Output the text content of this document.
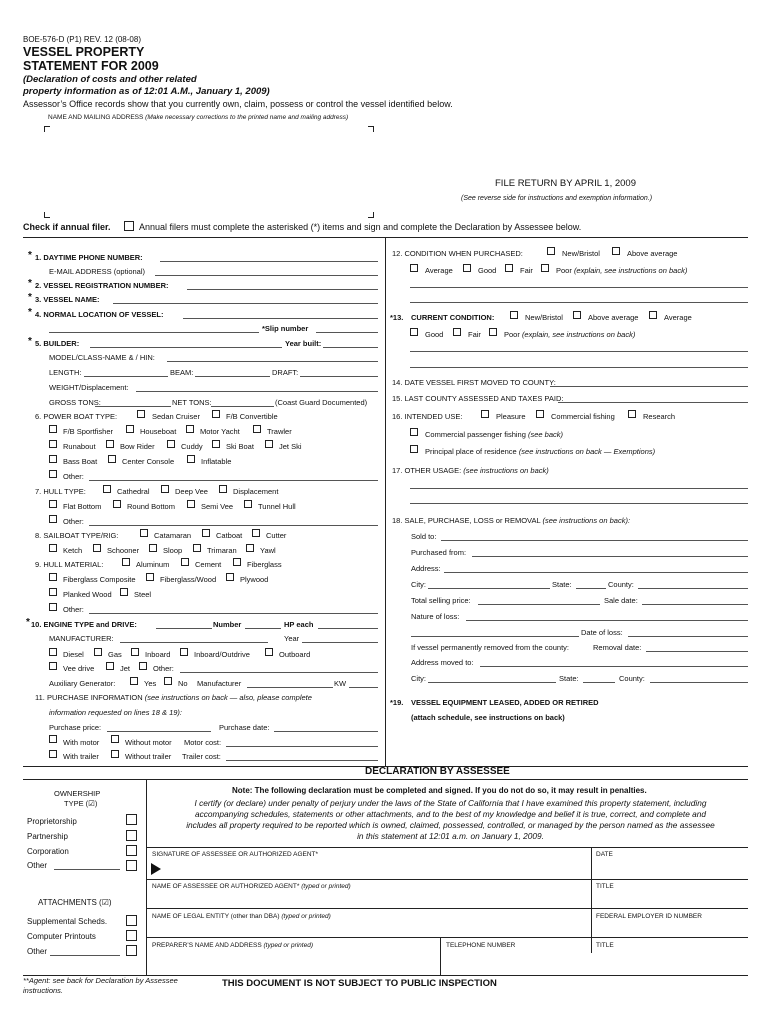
BOE-576-D (P1) REV. 12 (08-08)
VESSEL PROPERTY
STATEMENT FOR 2009
(Declaration of costs and other related
property information as of 12:01 A.M., January 1, 2009)
Assessor’s Office records show that you currently own, claim, possess or control the vessel identified below.
NAME AND MAILING ADDRESS (Make necessary corrections to the printed name and mailing address)
FILE RETURN BY APRIL 1, 2009
(See reverse side for instructions and exemption information.)
Check if annual filer.	Annual filers must complete the asterisked (*) items and sign and complete the Declaration by Assessee below.
* 1. DAYTIME PHONE NUMBER:
E-MAIL ADDRESS (optional)
* 2. VESSEL REGISTRATION NUMBER:
* 3. VESSEL NAME:
* 4. NORMAL LOCATION OF VESSEL:
*Slip number
* 5. BUILDER:	Year built:
MODEL/CLASS-NAME & / HIN:
LENGTH:	BEAM:	DRAFT:
WEIGHT/Displacement:
GROSS TONS:	NET TONS:	(Coast Guard Documented)
6. POWER BOAT TYPE:	Sedan Cruiser	F/B Convertible
F/B Sportfisher	Houseboat	Motor Yacht	Trawler
Runabout	Bow Rider	Cuddy	Ski Boat	Jet Ski
Bass Boat	Center Console	Inflatable
Other:
7. HULL TYPE:	Cathedral	Deep Vee	Displacement
Flat Bottom	Round Bottom	Semi Vee	Tunnel Hull
Other:
8. SAILBOAT TYPE/RIG:	Catamaran	Catboat	Cutter
Ketch	Schooner	Sloop	Trimaran	Yawl
9. HULL MATERIAL:	Aluminum	Cement	Fiberglass
Fiberglass Composite	Fiberglass/Wood	Plywood
Planked Wood	Steel
Other:
* 10. ENGINE TYPE and DRIVE:	Number	HP each
MANUFACTURER:	Year
Diesel	Gas	Inboard	Inboard/Outdrive	Outboard
Vee drive	Jet	Other:
Auxiliary Generator:	Yes	No Manufacturer	KW
11. PURCHASE INFORMATION (see instructions on back — also, please complete
information requested on lines 18 & 19):
Purchase price:	Purchase date:
With motor	Without motor Motor cost:
With trailer	Without trailer Trailer cost:
12. CONDITION WHEN PURCHASED:	New/Bristol	Above average
Average	Good	Fair	Poor (explain, see instructions on back)
*13. CURRENT CONDITION:	New/Bristol	Above average	Average
Good	Fair	Poor (explain, see instructions on back)
14. DATE VESSEL FIRST MOVED TO COUNTY:
15. LAST COUNTY ASSESSED AND TAXES PAID:
16. INTENDED USE:	Pleasure	Commercial fishing	Research
Commercial passenger fishing (see back)
Principal place of residence (see instructions on back — Exemptions)
17. OTHER USAGE: (see instructions on back)
18. SALE, PURCHASE, LOSS or REMOVAL (see instructions on back):
Sold to:
Purchased from:
Address:
City:	State:	County:
Total selling price:	Sale date:
Nature of loss:
Date of loss:
If vessel permanently removed from the county:	Removal date:
Address moved to:
City:	State:	County:
*19. VESSEL EQUIPMENT LEASED, ADDED OR RETIRED
(attach schedule, see instructions on back)
DECLARATION BY ASSESSEE
OWNERSHIP
TYPE (☑)
Proprietorship
Partnership
Corporation
Other
ATTACHMENTS (☑)
Supplemental Scheds.
Computer Printouts
Other
Note: The following declaration must be completed and signed. If you do not do so, it may result in penalties.
I certify (or declare) under penalty of perjury under the laws of the State of California that I have examined this property statement, including
accompanying schedules, statements or other attachments, and to the best of my knowledge and belief it is true, correct, and complete and
includes all property required to be reported which is owned, claimed, possessed, controlled, or managed by the person named as the assessee
in this statement at 12:01 a.m. on January 1, 2009.
SIGNATURE OF ASSESSEE OR AUTHORIZED AGENT*	DATE
NAME OF ASSESSEE OR AUTHORIZED AGENT* (typed or printed)	TITLE
NAME OF LEGAL ENTITY (other than DBA) (typed or printed)	FEDERAL EMPLOYER ID NUMBER
PREPARER’S NAME AND ADDRESS (typed or printed)	TELEPHONE NUMBER	TITLE
**Agent: see back for Declaration by Assessee
instructions.
THIS DOCUMENT IS NOT SUBJECT TO PUBLIC INSPECTION
